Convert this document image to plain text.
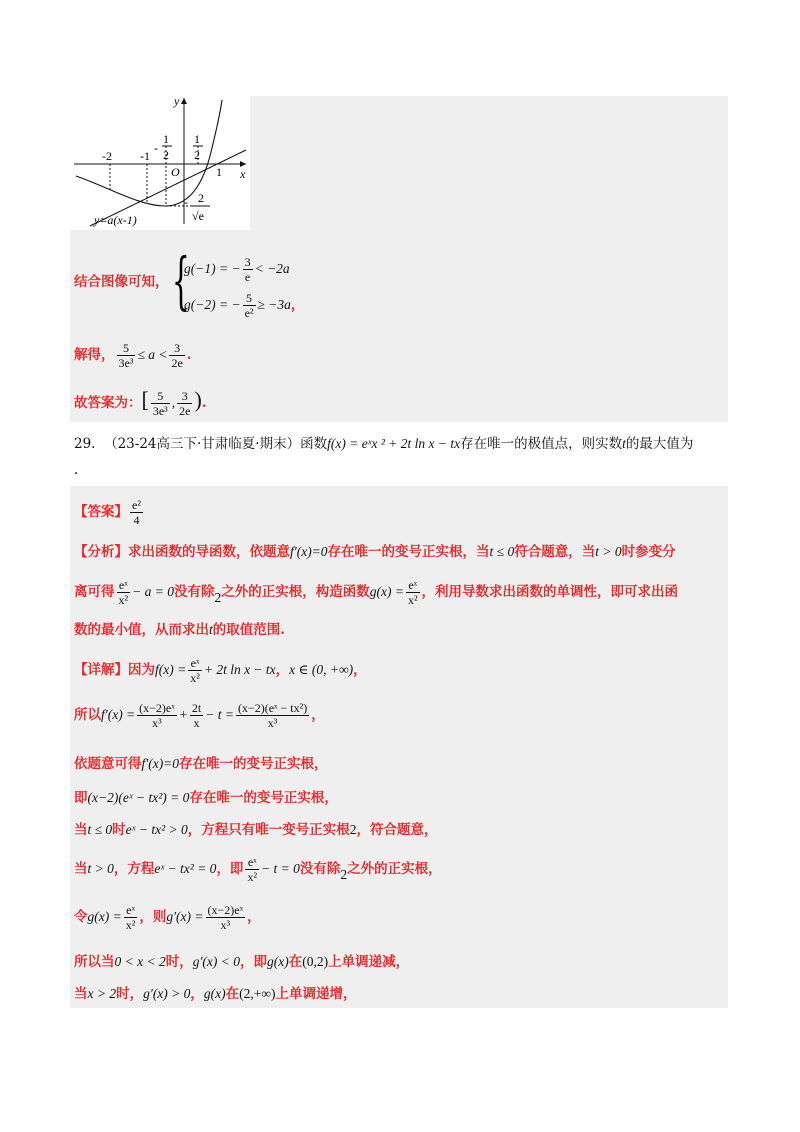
y
x
O
-2 -1
-
1
2
1
2
1
- 2
√e
y=a(x-1)
结合图像可知， {
g(−1) = − $\frac{3}{e} < -2a$
g(−2) = − $\frac{5}{\text{e²}} \ge -3a$，
解得， $\frac{5}{\text{3e³}} \le a < \frac{3}{2e}$ .
故答案为：[ $\frac{5}{\text{3e³}}$ , $\frac{3}{2e}$ ).
29. （23-24高三下·甘肃临夏·期末）函数f(x) = eˣx ² + 2t ln x − tx存在唯一的极值点，则实数t的最大值为
.
【答案】 $\frac{\text{e²}}{4}$
【分析】求出函数的导函数，依题意f′(x)=0存在唯一的变号正实根，当t ≤ 0符合题意，当t > 0时参变分
离可得 $\frac{\text{eˣ}}{\text{x²}} - a = 0$没有除2之外的正实根，构造函数$g(x) = \frac{\text{eˣ}}{\text{x²}}$ ，利用导数求出函数的单调性，即可求出函
数的最小值，从而求出t的取值范围.
【详解】因为$f(x) = \frac{\text{eˣ}}{\text{x²}} + 2t$ ln x − tx，x ∈ (0, +∞)，
所以$f'(x) = \frac{\text{(x−2)eˣ}}{\text{x³}} + \frac{2t}{x} - t = \frac{\text{(x−2)(eˣ − tx²)}}{\text{x³}}$ ，
依题意可得f′(x)=0存在唯一的变号正实根，
即(x−2)(eˣ − tx²) = 0存在唯一的变号正实根，
当t ≤ 0时eˣ − tx² > 0，方程只有唯一变号正实根2，符合题意，
当t > 0，方程eˣ − tx² = 0，即 $\frac{\text{eˣ}}{\text{x²}} - t = 0$没有除2之外的正实根，
令$g(x) = \frac{\text{eˣ}}{\text{x²}}$ ，则$g'(x) = \frac{\text{(x−2)eˣ}}{\text{x³}}$ ，
所以当0 < x < 2时，g′(x) < 0，即g(x)在(0,2)上单调递减，
当x > 2时，g′(x) > 0，g(x)在(2,+∞)上单调递增，
